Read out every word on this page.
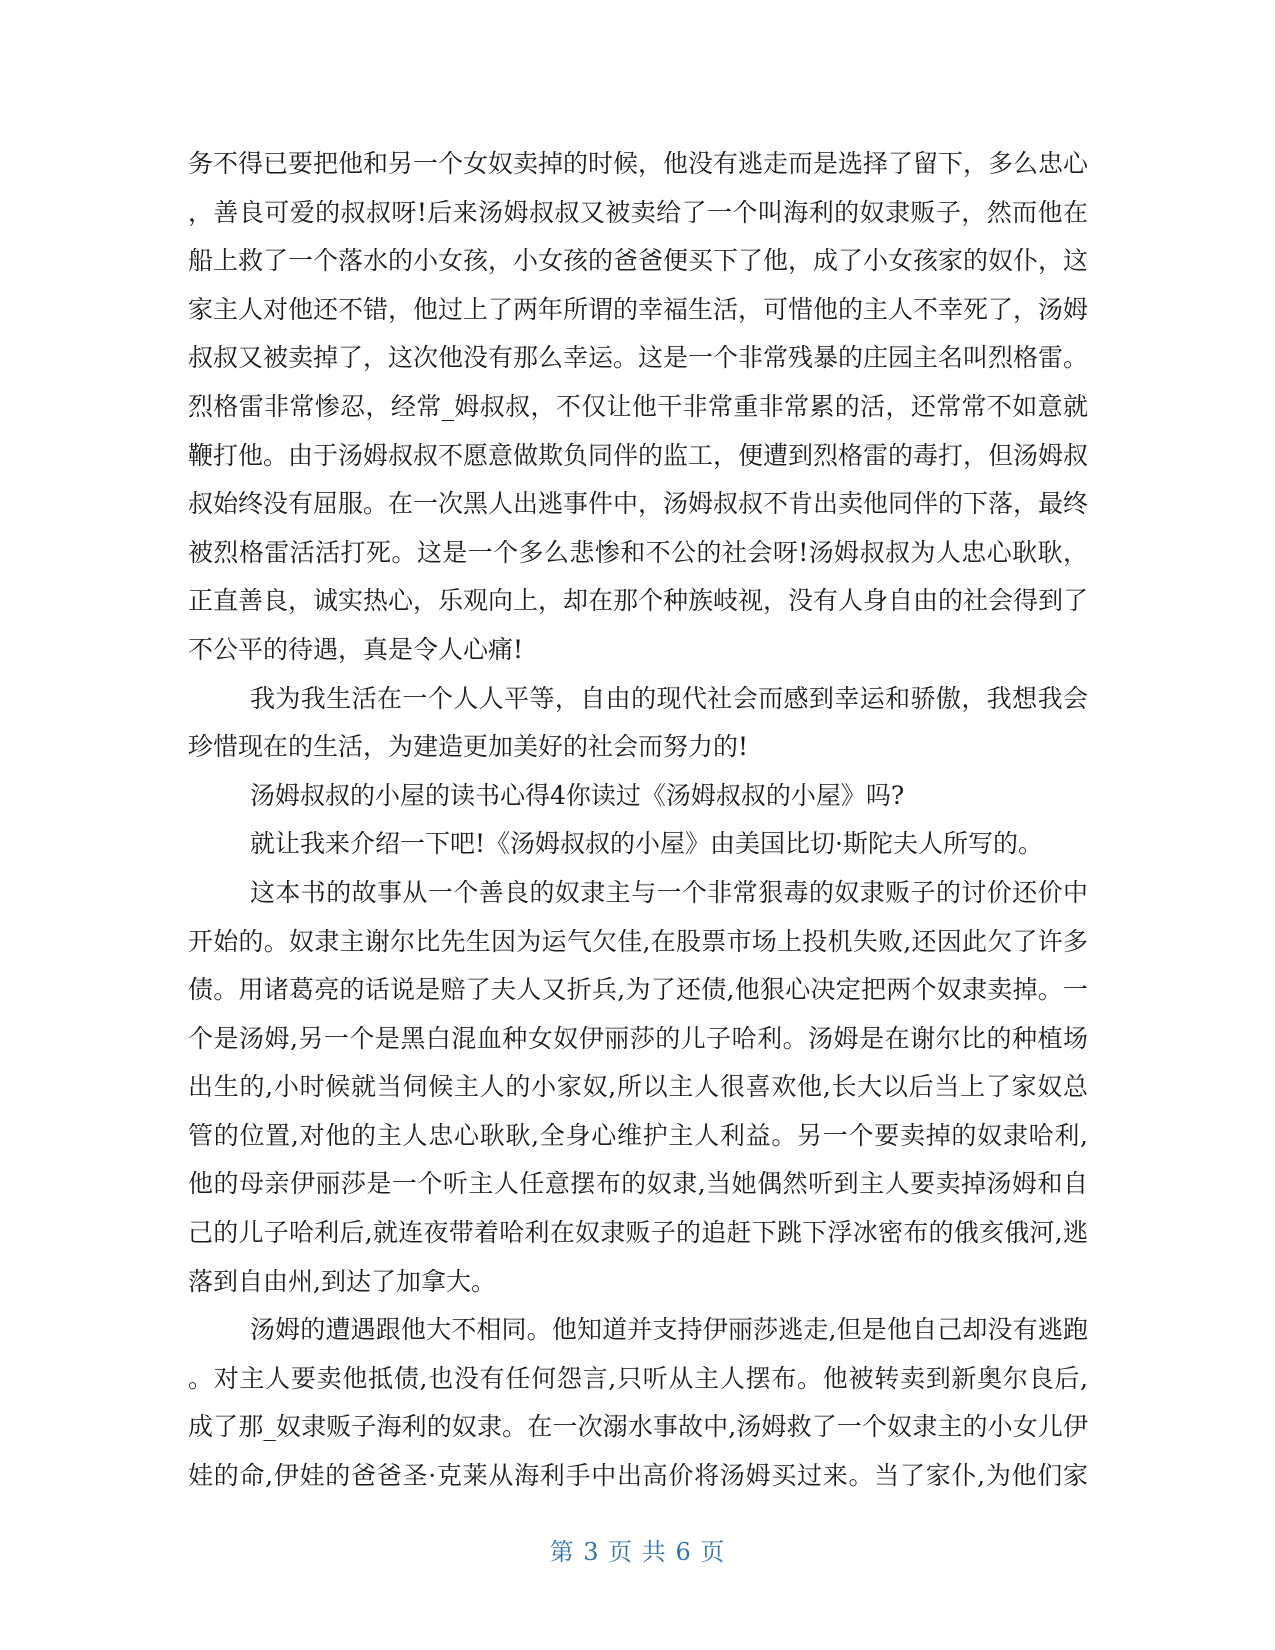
务不得已要把他和另一个女奴卖掉的时候，他没有逃走而是选择了留下，多么忠心
，善良可爱的叔叔呀!后来汤姆叔叔又被卖给了一个叫海利的奴隶贩子，然而他在
船上救了一个落水的小女孩，小女孩的爸爸便买下了他，成了小女孩家的奴仆，这
家主人对他还不错，他过上了两年所谓的幸福生活，可惜他的主人不幸死了，汤姆
叔叔又被卖掉了，这次他没有那么幸运。这是一个非常残暴的庄园主名叫烈格雷。
烈格雷非常惨忍，经常_姆叔叔，不仅让他干非常重非常累的活，还常常不如意就
鞭打他。由于汤姆叔叔不愿意做欺负同伴的监工，便遭到烈格雷的毒打，但汤姆叔
叔始终没有屈服。在一次黑人出逃事件中，汤姆叔叔不肯出卖他同伴的下落，最终
被烈格雷活活打死。这是一个多么悲惨和不公的社会呀!汤姆叔叔为人忠心耿耿，
正直善良，诚实热心，乐观向上，却在那个种族岐视，没有人身自由的社会得到了
不公平的待遇，真是令人心痛!
我为我生活在一个人人平等，自由的现代社会而感到幸运和骄傲，我想我会
珍惜现在的生活，为建造更加美好的社会而努力的!
汤姆叔叔的小屋的读书心得4你读过《汤姆叔叔的小屋》吗?
就让我来介绍一下吧!《汤姆叔叔的小屋》由美国比切·斯陀夫人所写的。
这本书的故事从一个善良的奴隶主与一个非常狠毒的奴隶贩子的讨价还价中
开始的。奴隶主谢尔比先生因为运气欠佳,在股票市场上投机失败,还因此欠了许多
债。用诸葛亮的话说是赔了夫人又折兵,为了还债,他狠心决定把两个奴隶卖掉。一
个是汤姆,另一个是黑白混血种女奴伊丽莎的儿子哈利。汤姆是在谢尔比的种植场
出生的,小时候就当伺候主人的小家奴,所以主人很喜欢他,长大以后当上了家奴总
管的位置,对他的主人忠心耿耿,全身心维护主人利益。另一个要卖掉的奴隶哈利,
他的母亲伊丽莎是一个听主人任意摆布的奴隶,当她偶然听到主人要卖掉汤姆和自
己的儿子哈利后,就连夜带着哈利在奴隶贩子的追赶下跳下浮冰密布的俄亥俄河,逃
落到自由州,到达了加拿大。
汤姆的遭遇跟他大不相同。他知道并支持伊丽莎逃走,但是他自己却没有逃跑
。对主人要卖他抵债,也没有任何怨言,只听从主人摆布。他被转卖到新奥尔良后,
成了那_奴隶贩子海利的奴隶。在一次溺水事故中,汤姆救了一个奴隶主的小女儿伊
娃的命,伊娃的爸爸圣·克莱从海利手中出高价将汤姆买过来。当了家仆,为他们家
第 3 页 共 6 页
